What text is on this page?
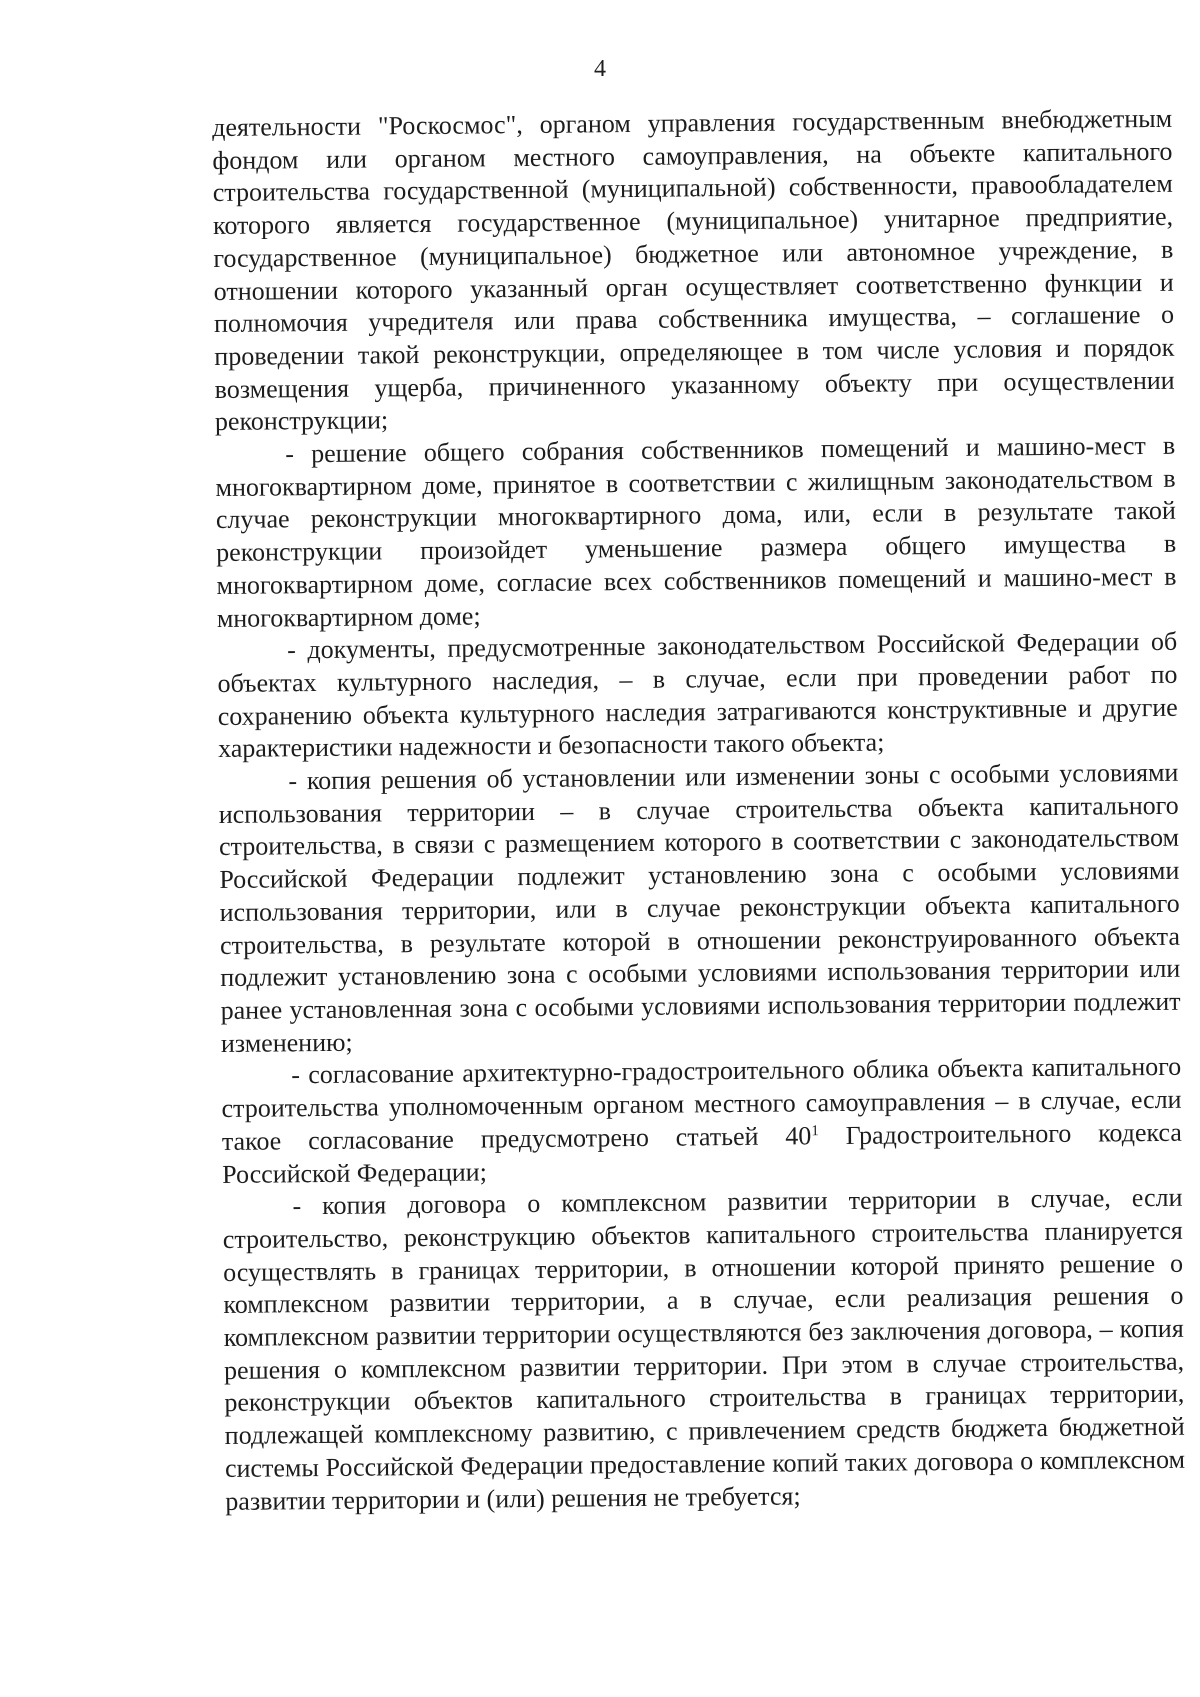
4

деятельности "Роскосмос", органом управления государственным внебюджетным фондом или органом местного самоуправления, на объекте капитального строительства государственной (муниципальной) собственности, правообладателем которого является государственное (муниципальное) унитарное предприятие, государственное (муниципальное) бюджетное или автономное учреждение, в отношении которого указанный орган осуществляет соответственно функции и полномочия учредителя или права собственника имущества, – соглашение о проведении такой реконструкции, определяющее в том числе условия и порядок возмещения ущерба, причиненного указанному объекту при осуществлении реконструкции;

- решение общего собрания собственников помещений и машино-мест в многоквартирном доме, принятое в соответствии с жилищным законодательством в случае реконструкции многоквартирного дома, или, если в результате такой реконструкции произойдет уменьшение размера общего имущества в многоквартирном доме, согласие всех собственников помещений и машино-мест в многоквартирном доме;

- документы, предусмотренные законодательством Российской Федерации об объектах культурного наследия, – в случае, если при проведении работ по сохранению объекта культурного наследия затрагиваются конструктивные и другие характеристики надежности и безопасности такого объекта;

- копия решения об установлении или изменении зоны с особыми условиями использования территории – в случае строительства объекта капитального строительства, в связи с размещением которого в соответствии с законодательством Российской Федерации подлежит установлению зона с особыми условиями использования территории, или в случае реконструкции объекта капитального строительства, в результате которой в отношении реконструированного объекта подлежит установлению зона с особыми условиями использования территории или ранее установленная зона с особыми условиями использования территории подлежит изменению;

- согласование архитектурно-градостроительного облика объекта капитального строительства уполномоченным органом местного самоуправления – в случае, если такое согласование предусмотрено статьей $40^1$ Градостроительного кодекса Российской Федерации;

- копия договора о комплексном развитии территории в случае, если строительство, реконструкцию объектов капитального строительства планируется осуществлять в границах территории, в отношении которой принято решение о комплексном развитии территории, а в случае, если реализация решения о комплексном развитии территории осуществляются без заключения договора, – копия решения о комплексном развитии территории. При этом в случае строительства, реконструкции объектов капитального строительства в границах территории, подлежащей комплексному развитию, с привлечением средств бюджета бюджетной системы Российской Федерации предоставление копий таких договора о комплексном развитии территории и (или) решения не требуется;
